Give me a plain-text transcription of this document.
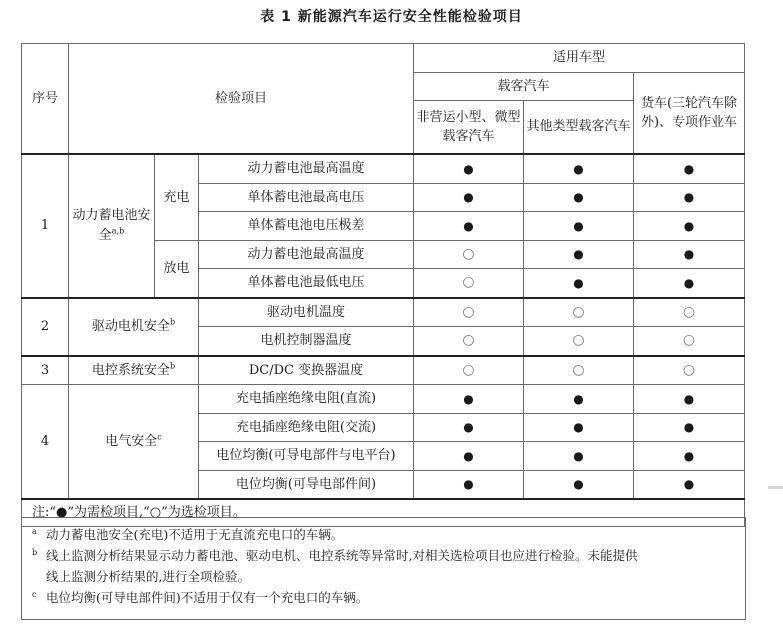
表 1 新能源汽车运行安全性能检验项目
序号	检验项目			适用车型		
				载客汽车		货车(三轮汽车除外)、专项作业车
				非营运小型、微型载客汽车	其他类型载客汽车	
1	动力蓄电池安全$^{a,b}$	充电	动力蓄电池最高温度	●	●	●
			单体蓄电池最高电压	●	●	●
			单体蓄电池电压极差	●	●	●
		放电	动力蓄电池最高温度	○	●	●
			单体蓄电池最低电压	○	●	●
2	驱动电机安全$^b$		驱动电机温度	○	○	○
			电机控制器温度	○	○	○
3	电控系统安全$^b$		DC/DC 变换器温度	○	○	○
4	电气安全$^c$		充电插座绝缘电阻(直流)	●	●	●
			充电插座绝缘电阻(交流)	●	●	●
			电位均衡(可导电部件与电平台)	●	●	●
			电位均衡(可导电部件间)	●	●	●
注:“●”为需检项目,“○”为选检项目。						
a 动力蓄电池安全(充电)不适用于无直流充电口的车辆。
b 线上监测分析结果显示动力蓄电池、驱动电机、电控系统等异常时,对相关选检项目也应进行检验。未能提供
线上监测分析结果的,进行全项检验。
c 电位均衡(可导电部件间)不适用于仅有一个充电口的车辆。
